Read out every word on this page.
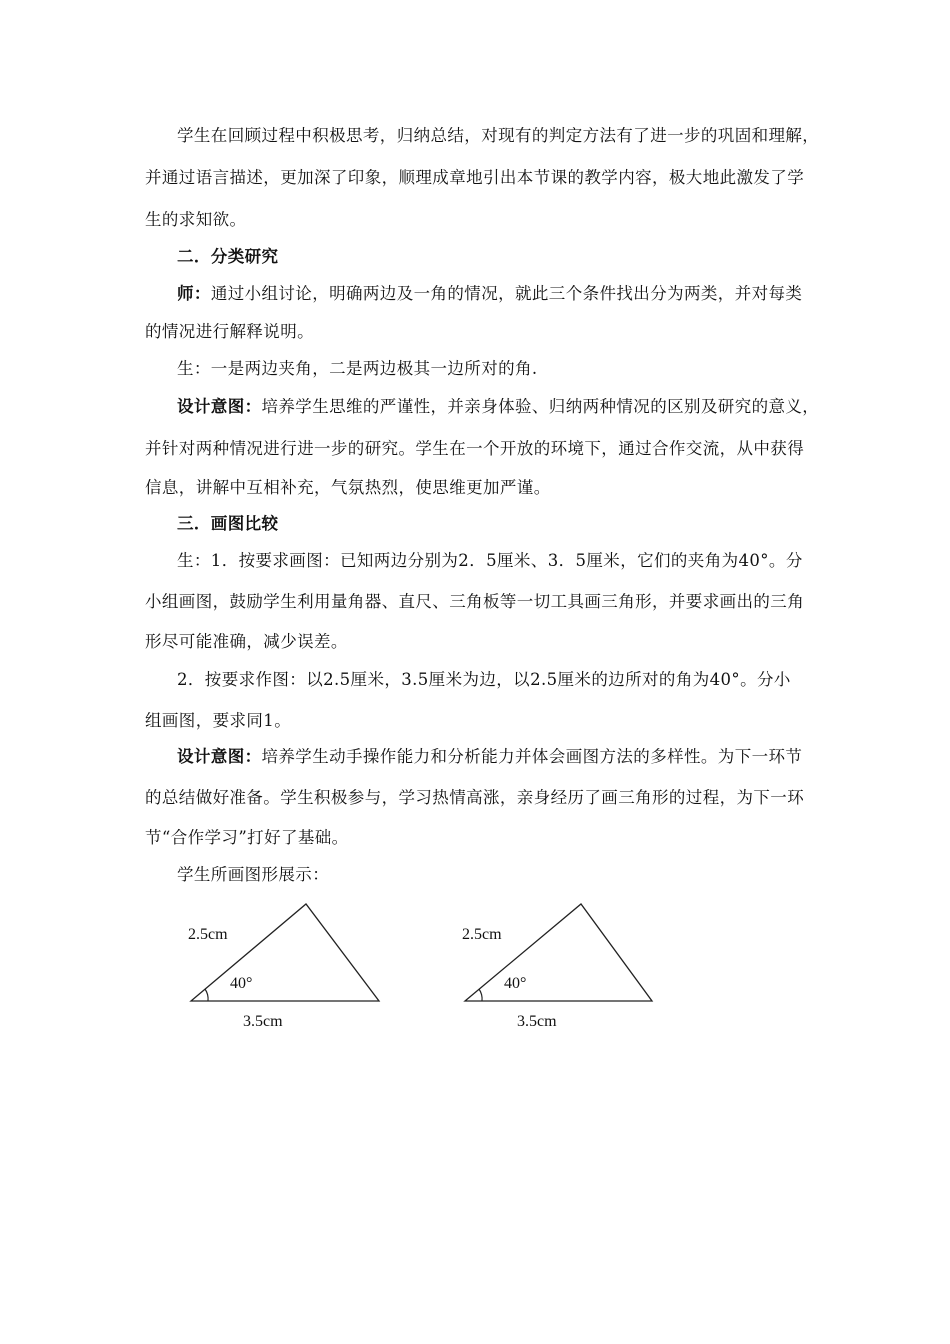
学生在回顾过程中积极思考，归纳总结，对现有的判定方法有了进一步的巩固和理解，
并通过语言描述，更加深了印象，顺理成章地引出本节课的教学内容，极大地此激发了学
生的求知欲。
二．分类研究
师：通过小组讨论，明确两边及一角的情况，就此三个条件找出分为两类，并对每类
的情况进行解释说明。
生：一是两边夹角，二是两边极其一边所对的角.
设计意图：培养学生思维的严谨性，并亲身体验、归纳两种情况的区别及研究的意义，
并针对两种情况进行进一步的研究。学生在一个开放的环境下，通过合作交流，从中获得
信息，讲解中互相补充，气氛热烈，使思维更加严谨。
三．画图比较
生：1．按要求画图：已知两边分别为2．5厘米、3．5厘米，它们的夹角为40°。分
小组画图，鼓励学生利用量角器、直尺、三角板等一切工具画三角形，并要求画出的三角
形尽可能准确，减少误差。
2．按要求作图：以2.5厘米，3.5厘米为边，以2.5厘米的边所对的角为40°。分小
组画图，要求同1。
设计意图：培养学生动手操作能力和分析能力并体会画图方法的多样性。为下一环节
的总结做好准备。学生积极参与，学习热情高涨，亲身经历了画三角形的过程，为下一环
节“合作学习”打好了基础。
学生所画图形展示：
2.5cm
40°
3.5cm
2.5cm
40°
3.5cm
